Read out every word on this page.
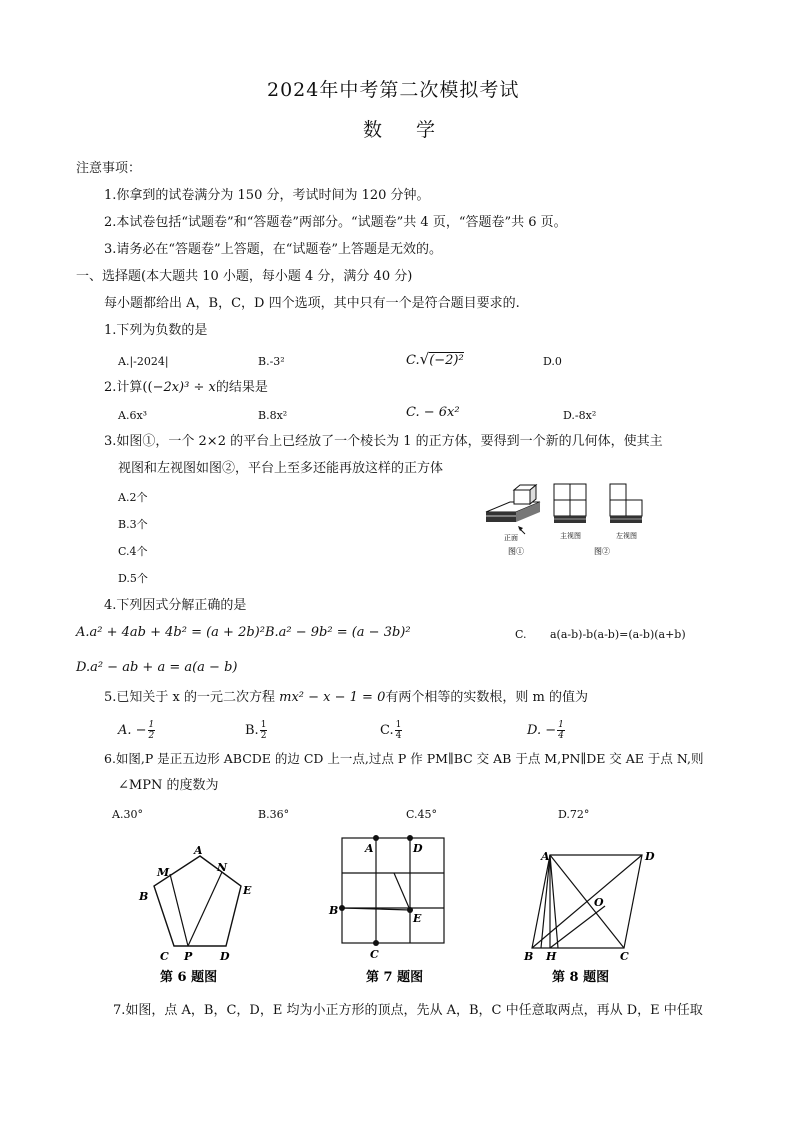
2024年中考第二次模拟考试
数 学
注意事项：
1.你拿到的试卷满分为 150 分，考试时间为 120 分钟。
2.本试卷包括“试题卷”和“答题卷”两部分。“试题卷”共 4 页，“答题卷”共 6 页。
3.请务必在“答题卷”上答题，在“试题卷”上答题是无效的。
一、选择题(本大题共 10 小题，每小题 4 分，满分 40 分)
每小题都给出 A，B，C，D 四个选项，其中只有一个是符合题目要求的.
1.下列为负数的是
A.|-2024|	B.-3²	C.√(−2)²	D.0
2.计算((−2x)³ ÷ x的结果是
A.6x³	B.8x²	C. − 6x²	D.-8x²
3.如图①，一个 2×2 的平台上已经放了一个棱长为 1 的正方体，要得到一个新的几何体，使其主
视图和左视图如图②，平台上至多还能再放这样的正方体
A.2个
B.3个
C.4个
D.5个
正面
图①
主视图	左视图
图②
4.下列因式分解正确的是
A.a² + 4ab + 4b² = (a + 2b)²B.a² − 9b² = (a − 3b)²	C. a(a-b)-b(a-b)=(a-b)(a+b)
D.a² − ab + a = a(a − b)
5.已知关于 x 的一元二次方程 mx² − x − 1 = 0有两个相等的实数根，则 m 的值为
A. − $\frac{1}{2}$	B. $\frac{1}{2}$	C. $\frac{1}{4}$	D. − $\frac{1}{4}$
6.如图,P 是正五边形 ABCDE 的边 CD 上一点,过点 P 作 PM∥BC 交 AB 于点 M,PN∥DE 交 AE 于点 N,则
∠MPN 的度数为
A.30°	B.36°	C.45°	D.72°
A
M	N
B	E
C P	D
第 6 题图
A	D
B
E
C
第 7 题图
A	D
O
B H	C
第 8 题图
7.如图，点 A，B，C，D，E 均为小正方形的顶点，先从 A，B，C 中任意取两点，再从 D，E 中任取
